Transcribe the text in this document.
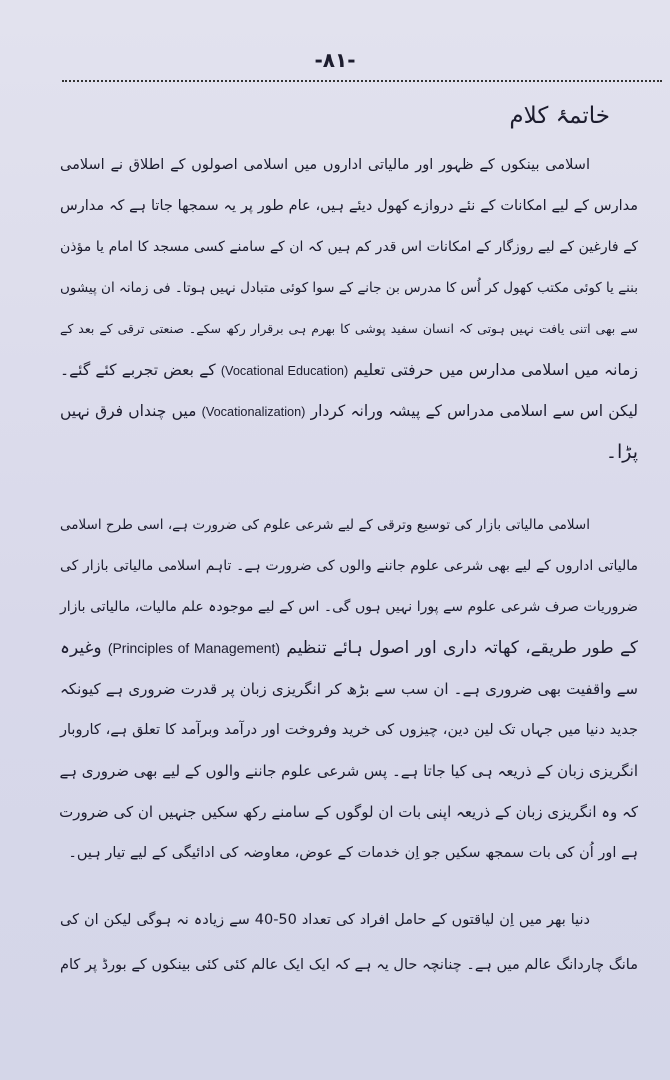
-۸۱-
خاتمۂ کلام
اسلامی بینکوں کے ظہور اور مالیاتی اداروں میں اسلامی اصولوں کے اطلاق نے اسلامی
مدارس کے لیے امکانات کے نئے دروازے کھول دیئے ہیں، عام طور پر یہ سمجھا جاتا ہے کہ مدارس
کے فارغین کے لیے روزگار کے امکانات اس قدر کم ہیں کہ ان کے سامنے کسی مسجد کا امام یا مؤذن
بننے یا کوئی مکتب کھول کر اُس کا مدرس بن جانے کے سوا کوئی متبادل نہیں ہوتا۔ فی زمانہ ان پیشوں
سے بھی اتنی یافت نہیں ہوتی کہ انسان سفید پوشی کا بھرم ہی برقرار رکھ سکے۔ صنعتی ترقی کے بعد کے
زمانہ میں اسلامی مدارس میں حرفتی تعلیم (Vocational Education) کے بعض تجربے کئے گئے۔
لیکن اس سے اسلامی مدراس کے پیشہ ورانہ کردار (Vocationalization) میں چنداں فرق نہیں
پڑا۔
اسلامی مالیاتی بازار کی توسیع وترقی کے لیے شرعی علوم کی ضرورت ہے، اسی طرح اسلامی
مالیاتی اداروں کے لیے بھی شرعی علوم جاننے والوں کی ضرورت ہے۔ تاہم اسلامی مالیاتی بازار کی
ضروریات صرف شرعی علوم سے پورا نہیں ہوں گی۔ اس کے لیے موجودہ علم مالیات، مالیاتی بازار
کے طور طریقے، کھاتہ داری اور اصول ہائے تنظیم (Principles of Management) وغیرہ
سے واقفیت بھی ضروری ہے۔ ان سب سے بڑھ کر انگریزی زبان پر قدرت ضروری ہے کیونکہ
جدید دنیا میں جہاں تک لین دین، چیزوں کی خرید وفروخت اور درآمد وبرآمد کا تعلق ہے، کاروبار
انگریزی زبان کے ذریعہ ہی کیا جاتا ہے۔ پس شرعی علوم جاننے والوں کے لیے بھی ضروری ہے
کہ وہ انگریزی زبان کے ذریعہ اپنی بات ان لوگوں کے سامنے رکھ سکیں جنہیں ان کی ضرورت
ہے اور اُن کی بات سمجھ سکیں جو اِن خدمات کے عوض، معاوضہ کی ادائیگی کے لیے تیار ہیں۔
دنیا بھر میں اِن لیاقتوں کے حامل افراد کی تعداد 50-40 سے زیادہ نہ ہوگی لیکن ان کی
مانگ چاردانگ عالم میں ہے۔ چنانچہ حال یہ ہے کہ ایک ایک عالم کئی کئی بینکوں کے بورڈ پر کام
